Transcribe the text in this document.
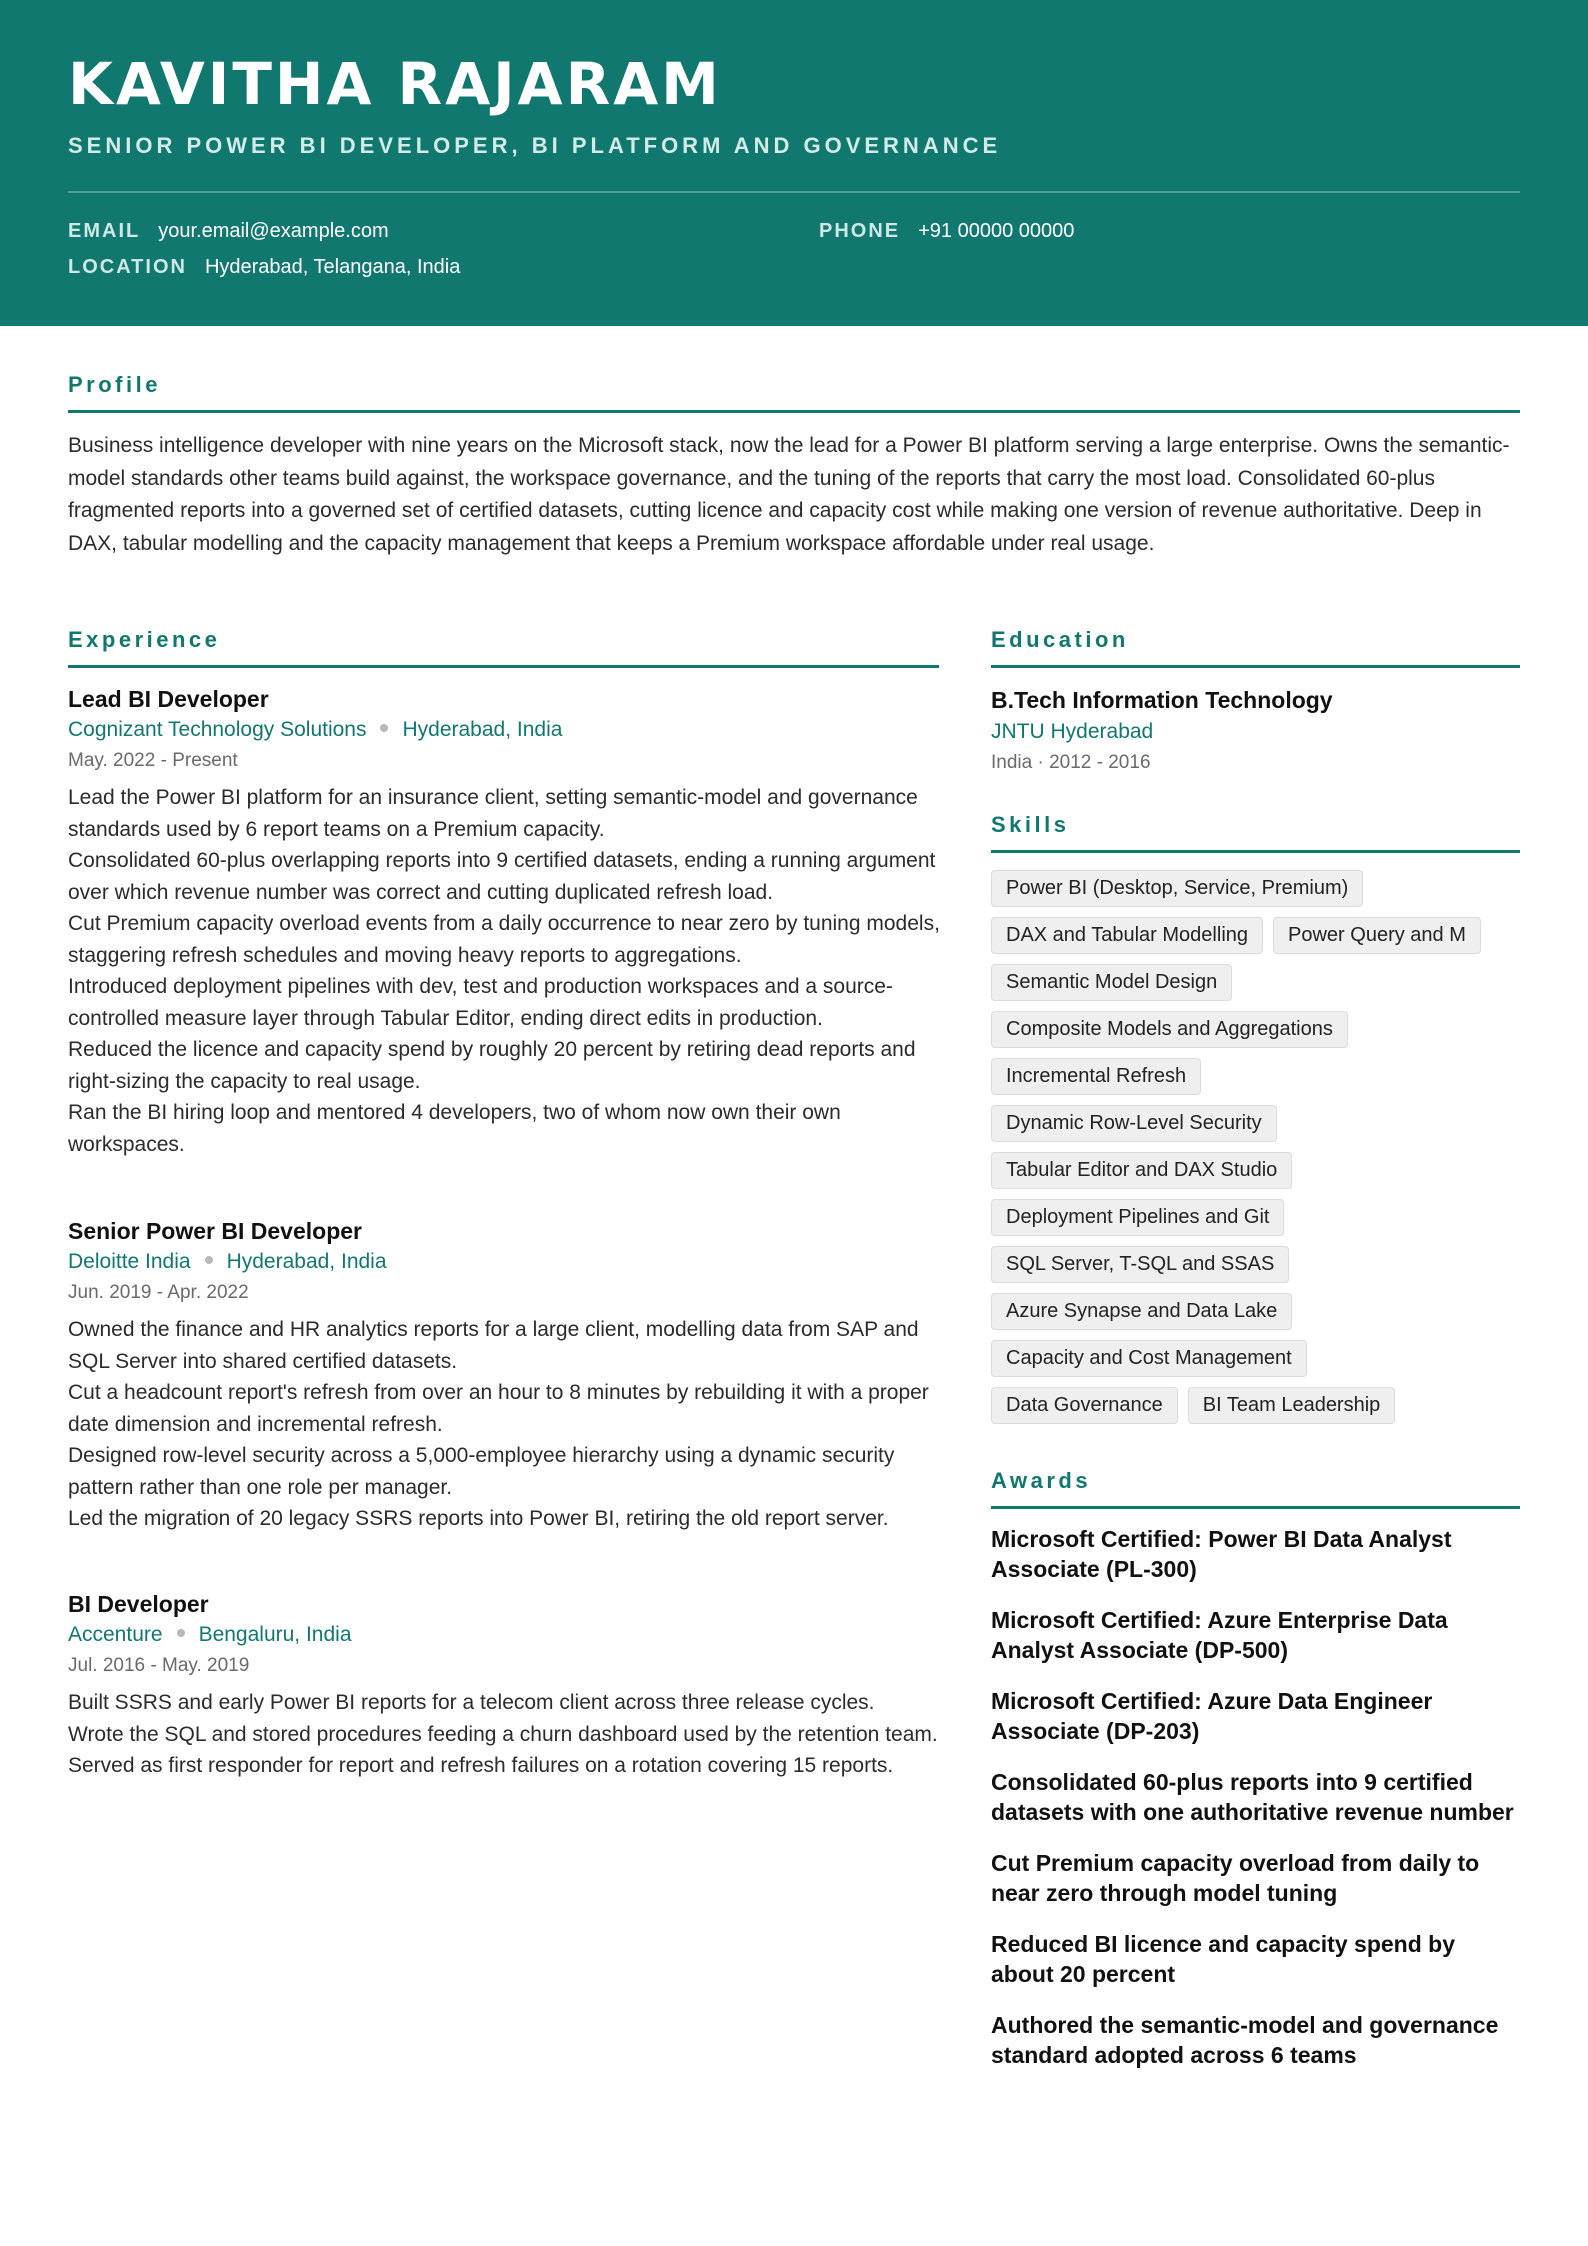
KAVITHA RAJARAM
SENIOR POWER BI DEVELOPER, BI PLATFORM AND GOVERNANCE
EMAIL your.email@example.com
LOCATION Hyderabad, Telangana, India
PHONE +91 00000 00000
Profile
Business intelligence developer with nine years on the Microsoft stack, now the lead for a Power BI platform serving a large enterprise. Owns the semantic-model standards other teams build against, the workspace governance, and the tuning of the reports that carry the most load. Consolidated 60-plus fragmented reports into a governed set of certified datasets, cutting licence and capacity cost while making one version of revenue authoritative. Deep in DAX, tabular modelling and the capacity management that keeps a Premium workspace affordable under real usage.
Experience
Lead BI Developer
Cognizant Technology Solutions Hyderabad, India
May. 2022 - Present
Lead the Power BI platform for an insurance client, setting semantic-model and governance standards used by 6 report teams on a Premium capacity.
Consolidated 60-plus overlapping reports into 9 certified datasets, ending a running argument over which revenue number was correct and cutting duplicated refresh load.
Cut Premium capacity overload events from a daily occurrence to near zero by tuning models, staggering refresh schedules and moving heavy reports to aggregations.
Introduced deployment pipelines with dev, test and production workspaces and a source-controlled measure layer through Tabular Editor, ending direct edits in production.
Reduced the licence and capacity spend by roughly 20 percent by retiring dead reports and right-sizing the capacity to real usage.
Ran the BI hiring loop and mentored 4 developers, two of whom now own their own workspaces.
Senior Power BI Developer
Deloitte India Hyderabad, India
Jun. 2019 - Apr. 2022
Owned the finance and HR analytics reports for a large client, modelling data from SAP and SQL Server into shared certified datasets.
Cut a headcount report's refresh from over an hour to 8 minutes by rebuilding it with a proper date dimension and incremental refresh.
Designed row-level security across a 5,000-employee hierarchy using a dynamic security pattern rather than one role per manager.
Led the migration of 20 legacy SSRS reports into Power BI, retiring the old report server.
BI Developer
Accenture Bengaluru, India
Jul. 2016 - May. 2019
Built SSRS and early Power BI reports for a telecom client across three release cycles.
Wrote the SQL and stored procedures feeding a churn dashboard used by the retention team.
Served as first responder for report and refresh failures on a rotation covering 15 reports.
Education
B.Tech Information Technology
JNTU Hyderabad
India · 2012 - 2016
Skills
Power BI (Desktop, Service, Premium)
DAX and Tabular Modelling Power Query and M
Semantic Model Design
Composite Models and Aggregations
Incremental Refresh
Dynamic Row-Level Security
Tabular Editor and DAX Studio
Deployment Pipelines and Git
SQL Server, T-SQL and SSAS
Azure Synapse and Data Lake
Capacity and Cost Management
Data Governance BI Team Leadership
Awards
Microsoft Certified: Power BI Data Analyst Associate (PL-300)
Microsoft Certified: Azure Enterprise Data Analyst Associate (DP-500)
Microsoft Certified: Azure Data Engineer Associate (DP-203)
Consolidated 60-plus reports into 9 certified datasets with one authoritative revenue number
Cut Premium capacity overload from daily to near zero through model tuning
Reduced BI licence and capacity spend by about 20 percent
Authored the semantic-model and governance standard adopted across 6 teams
